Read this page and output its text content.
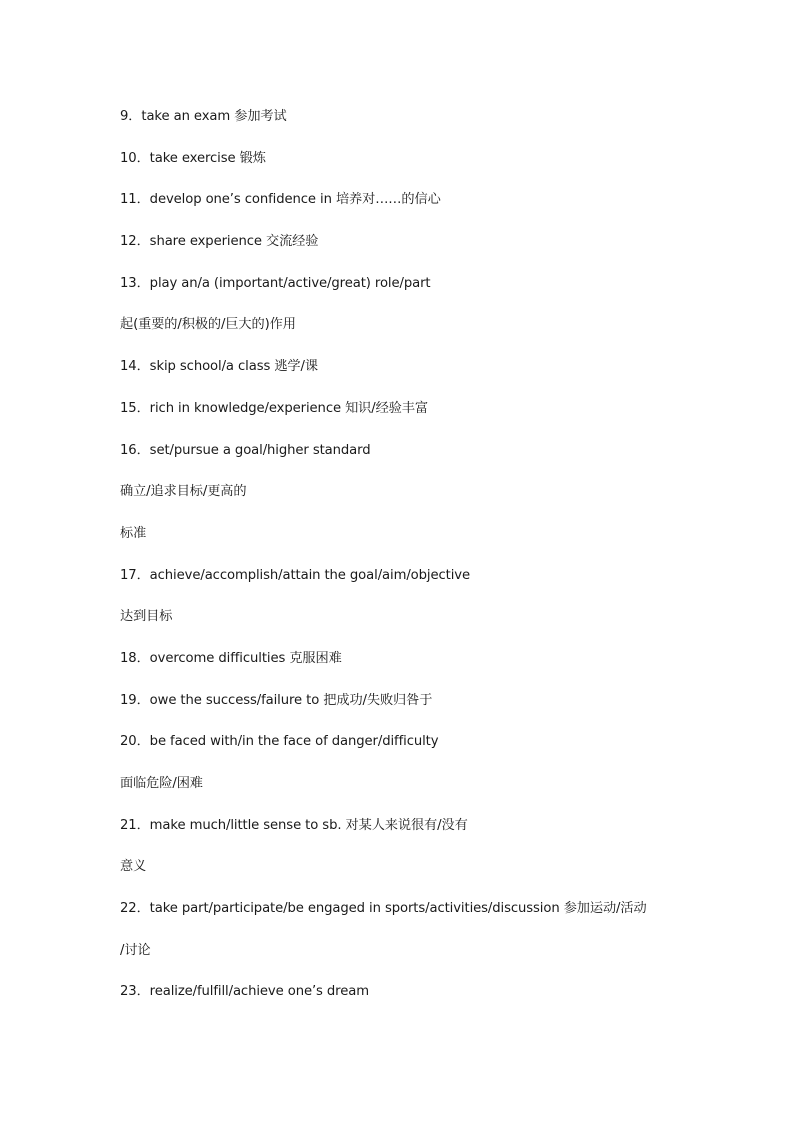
9．take an exam 参加考试
10．take exercise 锻炼
11．develop one’s confidence in 培养对……的信心
12．share experience 交流经验
13．play an/a (important/active/great) role/part
起(重要的/积极的/巨大的)作用
14．skip school/a class 逃学/课
15．rich in knowledge/experience 知识/经验丰富
16．set/pursue a goal/higher standard
确立/追求目标/更高的
标准
17．achieve/accomplish/attain the goal/aim/objective
达到目标
18．overcome difficulties 克服困难
19．owe the success/failure to 把成功/失败归咎于
20．be faced with/in the face of danger/difficulty
面临危险/困难
21．make much/little sense to sb. 对某人来说很有/没有
意义
22．take part/participate/be engaged in sports/activities/discussion 参加运动/活动
/讨论
23．realize/fulfill/achieve one’s dream
